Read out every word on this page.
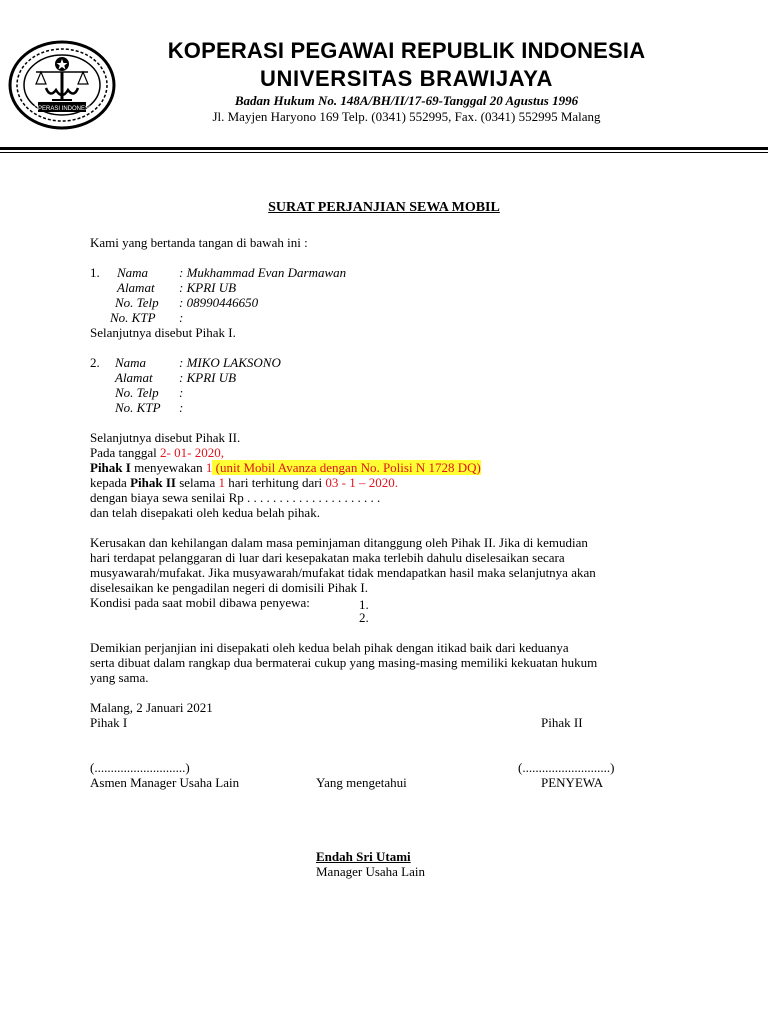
KOPERASI INDONESIA
KOPERASI PEGAWAI REPUBLIK INDONESIA
UNIVERSITAS BRAWIJAYA
Badan Hukum No. 148A/BH/II/17-69-Tanggal 20 Agustus 1996
Jl. Mayjen Haryono 169 Telp. (0341) 552995, Fax. (0341) 552995 Malang
SURAT PERJANJIAN SEWA MOBIL
Kami yang bertanda tangan di bawah ini :
1. Nama : Mukhammad Evan Darmawan
Alamat : KPRI UB
No. Telp : 08990446650
No. KTP :
Selanjutnya disebut Pihak I.
2. Nama	: MIKO LAKSONO
Alamat : KPRI UB
No. Telp :
No. KTP :
Selanjutnya disebut Pihak II.
Pada tanggal 2- 01- 2020,
Pihak I menyewakan 1 (unit Mobil Avanza dengan No. Polisi N 1728 DQ)
kepada Pihak II selama 1 hari terhitung dari 03 - 1 – 2020.
dengan biaya sewa senilai Rp . . . . . . . . . . . . . . . . . . . . .
dan telah disepakati oleh kedua belah pihak.
Kerusakan dan kehilangan dalam masa peminjaman ditanggung oleh Pihak II. Jika di kemudian
hari terdapat pelanggaran di luar dari kesepakatan maka terlebih dahulu diselesaikan secara
musyawarah/mufakat. Jika musyawarah/mufakat tidak mendapatkan hasil maka selanjutnya akan
diselesaikan ke pengadilan negeri di domisili Pihak I.
Kondisi pada saat mobil dibawa penyewa:	1.
2.
Demikian perjanjian ini disepakati oleh kedua belah pihak dengan itikad baik dari keduanya
serta dibuat dalam rangkap dua bermaterai cukup yang masing-masing memiliki kekuatan hukum
yang sama.
Malang, 2 Januari 2021
Pihak I	Pihak II
(............................)	(...........................)
Asmen Manager Usaha Lain	Yang mengetahui	PENYEWA
Endah Sri Utami
Manager Usaha Lain
